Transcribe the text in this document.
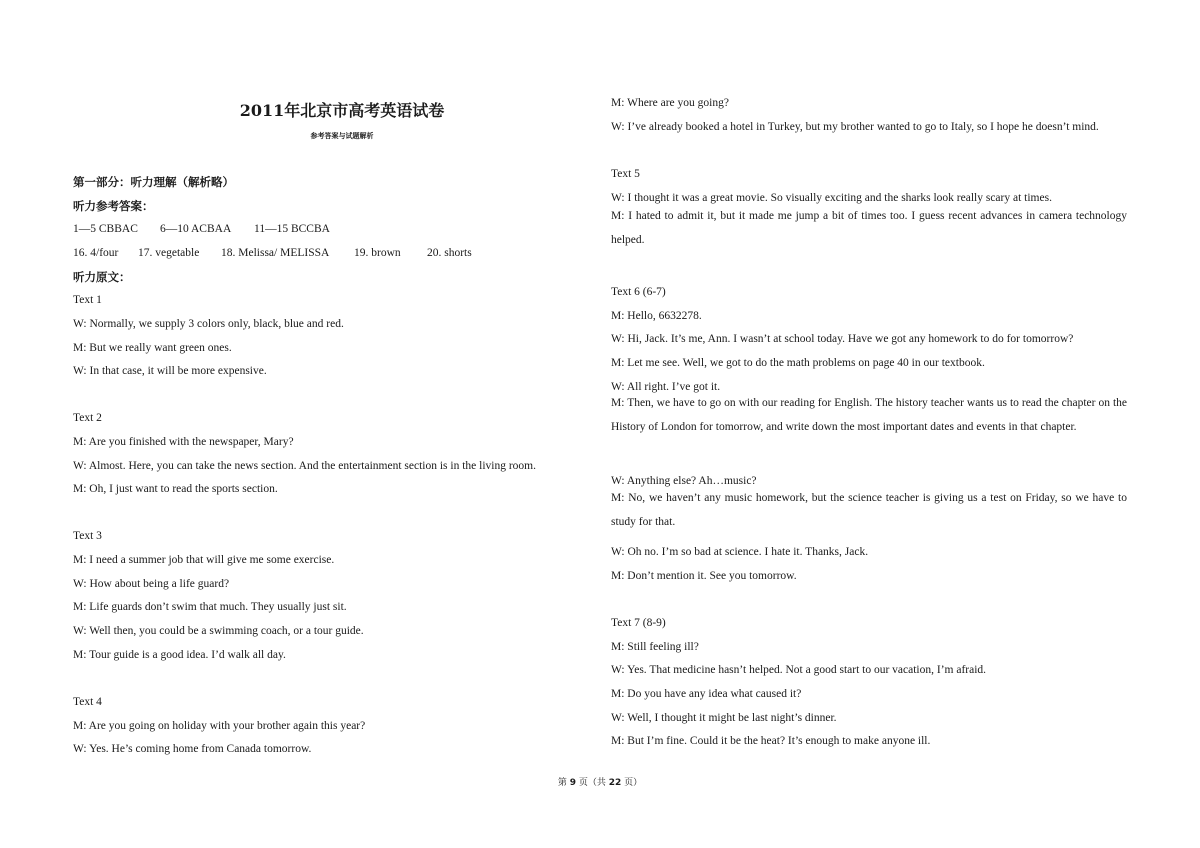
2011年北京市高考英语试卷
参考答案与试题解析
第一部分：听力理解（解析略）
听力参考答案：
1—5 CBBAC 6—10 ACBAA 11—15 BCCBA
16. 4/four 17. vegetable 18. Melissa/ MELISSA 19. brown 20. shorts
听力原文：
Text 1
W: Normally, we supply 3 colors only, black, blue and red.
M: But we really want green ones.
W: In that case, it will be more expensive.
Text 2
M: Are you finished with the newspaper, Mary?
W: Almost. Here, you can take the news section. And the entertainment section is in the living room.
M: Oh, I just want to read the sports section.
Text 3
M: I need a summer job that will give me some exercise.
W: How about being a life guard?
M: Life guards don’t swim that much. They usually just sit.
W: Well then, you could be a swimming coach, or a tour guide.
M: Tour guide is a good idea. I’d walk all day.
Text 4
M: Are you going on holiday with your brother again this year?
W: Yes. He’s coming home from Canada tomorrow.
M: Where are you going?
W: I’ve already booked a hotel in Turkey, but my brother wanted to go to Italy, so I hope he doesn’t mind.
Text 5
W: I thought it was a great movie. So visually exciting and the sharks look really scary at times.
M: I hated to admit it, but it made me jump a bit of times too. I guess recent advances in camera technology helped.
Text 6 (6-7)
M: Hello, 6632278.
W: Hi, Jack. It’s me, Ann. I wasn’t at school today. Have we got any homework to do for tomorrow?
M: Let me see. Well, we got to do the math problems on page 40 in our textbook.
W: All right. I’ve got it.
M: Then, we have to go on with our reading for English. The history teacher wants us to read the chapter on the History of London for tomorrow, and write down the most important dates and events in that chapter.
W: Anything else? Ah…music?
M: No, we haven’t any music homework, but the science teacher is giving us a test on Friday, so we have to study for that.
W: Oh no. I’m so bad at science. I hate it. Thanks, Jack.
M: Don’t mention it. See you tomorrow.
Text 7 (8-9)
M: Still feeling ill?
W: Yes. That medicine hasn’t helped. Not a good start to our vacation, I’m afraid.
M: Do you have any idea what caused it?
W: Well, I thought it might be last night’s dinner.
M: But I’m fine. Could it be the heat? It’s enough to make anyone ill.
第 9 页（共 22 页）
